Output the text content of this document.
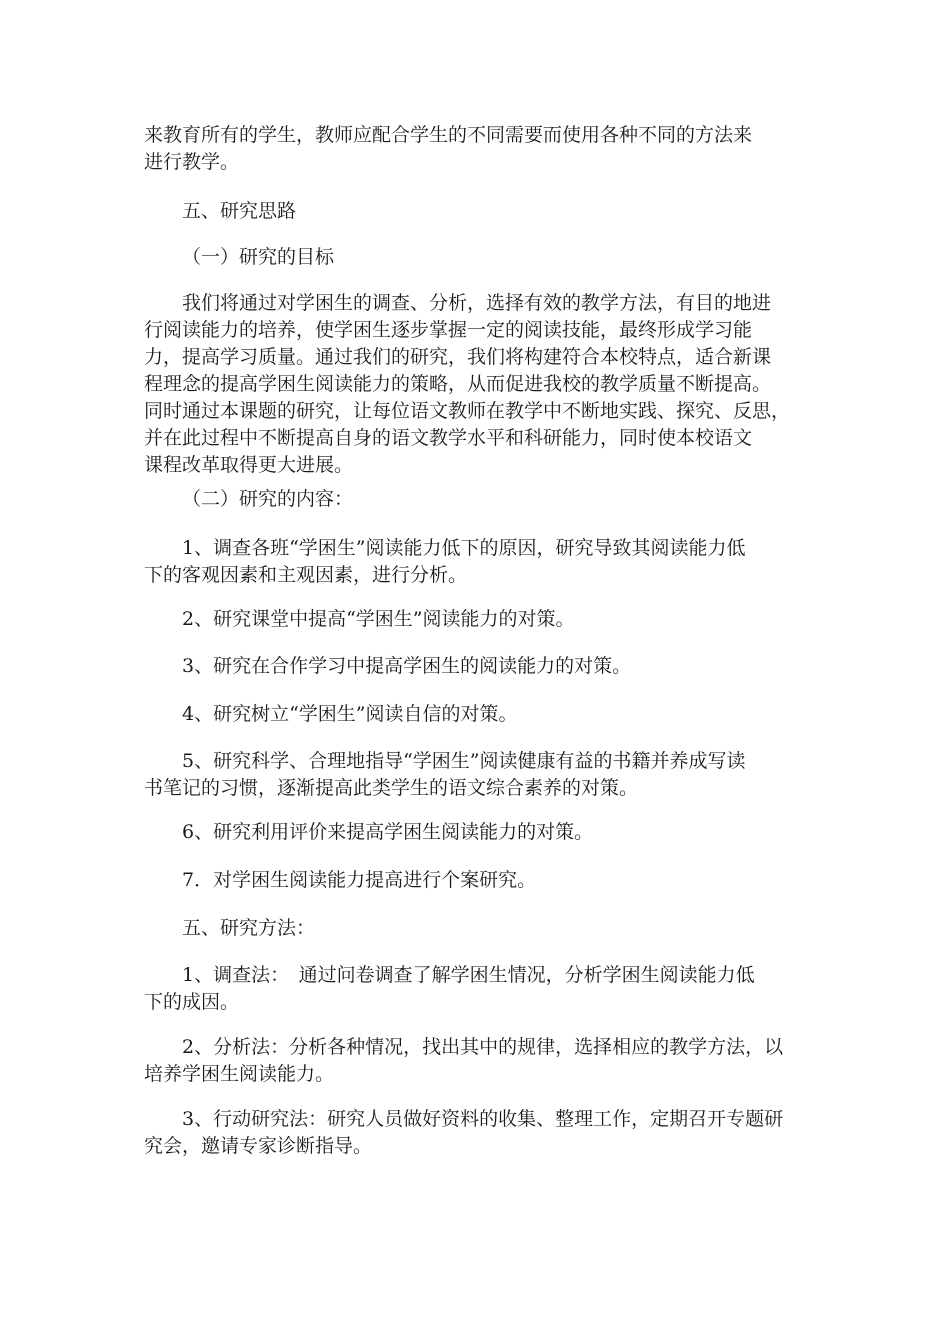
来教育所有的学生，教师应配合学生的不同需要而使用各种不同的方法来
进行教学。

五、研究思路

（一）研究的目标

我们将通过对学困生的调查、分析，选择有效的教学方法，有目的地进
行阅读能力的培养，使学困生逐步掌握一定的阅读技能，最终形成学习能
力，提高学习质量。通过我们的研究，我们将构建符合本校特点，适合新课
程理念的提高学困生阅读能力的策略，从而促进我校的教学质量不断提高。
同时通过本课题的研究，让每位语文教师在教学中不断地实践、探究、反思，
并在此过程中不断提高自身的语文教学水平和科研能力，同时使本校语文
课程改革取得更大进展。

（二）研究的内容：

1、调查各班“学困生”阅读能力低下的原因，研究导致其阅读能力低
下的客观因素和主观因素，进行分析。

2、研究课堂中提高“学困生”阅读能力的对策。

3、研究在合作学习中提高学困生的阅读能力的对策。

4、研究树立“学困生”阅读自信的对策。

5、研究科学、合理地指导“学困生”阅读健康有益的书籍并养成写读
书笔记的习惯，逐渐提高此类学生的语文综合素养的对策。

6、研究利用评价来提高学困生阅读能力的对策。

7．对学困生阅读能力提高进行个案研究。

五、研究方法：

1、调查法：　通过问卷调查了解学困生情况，分析学困生阅读能力低
下的成因。

2、分析法：分析各种情况，找出其中的规律，选择相应的教学方法，以
培养学困生阅读能力。

3、行动研究法：研究人员做好资料的收集、整理工作，定期召开专题研
究会，邀请专家诊断指导。
